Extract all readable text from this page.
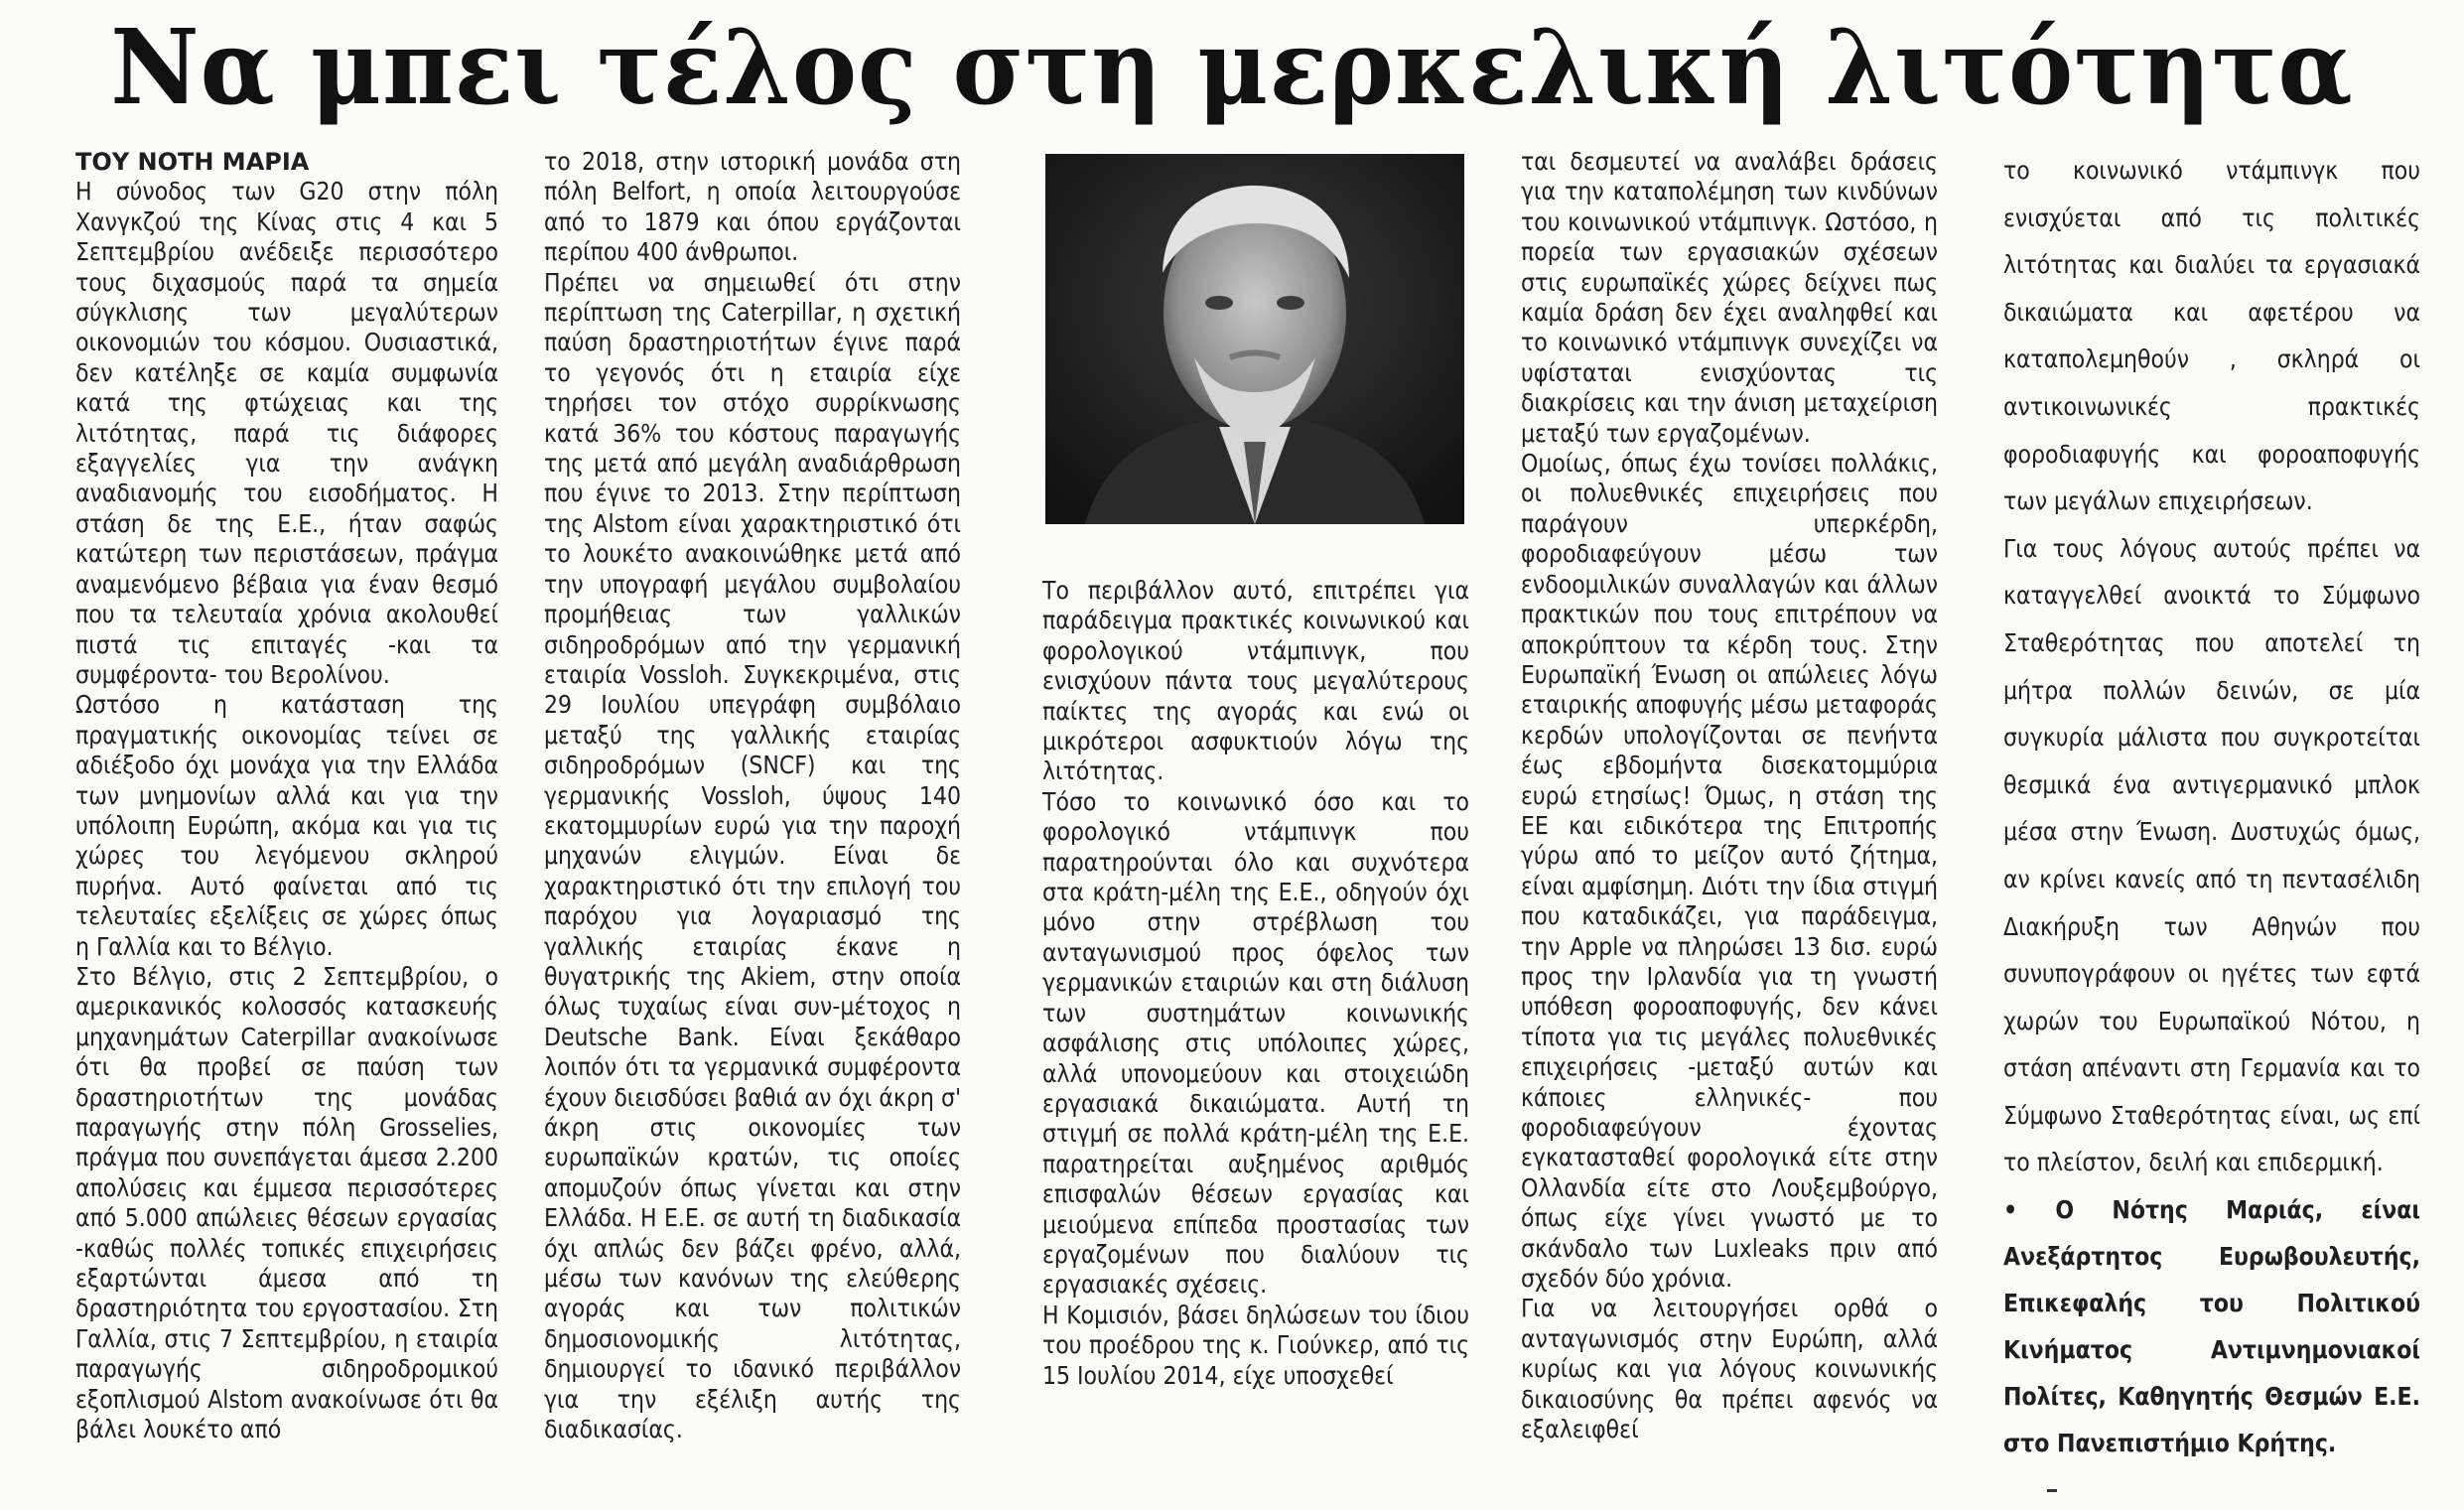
Να μπει τέλος στη μερκελική λιτότητα

ΤΟΥ ΝΟΤΗ ΜΑΡΙΑ

Η σύνοδος των G20 στην πόλη Χανγκζού της Κίνας στις 4 και 5 Σεπτεμβρίου ανέδειξε περισσότερο τους διχασμούς παρά τα σημεία σύγκλισης των μεγαλύτερων οικονομιών του κόσμου. Ουσιαστικά, δεν κατέληξε σε καμία συμφωνία κατά της φτώχειας και της λιτότητας, παρά τις διάφορες εξαγγελίες για την ανάγκη αναδιανομής του εισοδήματος. Η στάση δε της Ε.Ε., ήταν σαφώς κατώτερη των περιστάσεων, πράγμα αναμενόμενο βέβαια για έναν θεσμό που τα τελευταία χρόνια ακολουθεί πιστά τις επιταγές -και τα συμφέροντα- του Βερολίνου.

Ωστόσο η κατάσταση της πραγματικής οικονομίας τείνει σε αδιέξοδο όχι μονάχα για την Ελλάδα των μνημονίων αλλά και για την υπόλοιπη Ευρώπη, ακόμα και για τις χώρες του λεγόμενου σκληρού πυρήνα. Αυτό φαίνεται από τις τελευταίες εξελίξεις σε χώρες όπως η Γαλλία και το Βέλγιο.

Στο Βέλγιο, στις 2 Σεπτεμβρίου, ο αμερικανικός κολοσσός κατασκευής μηχανημάτων Caterpillar ανακοίνωσε ότι θα προβεί σε παύση των δραστηριοτήτων της μονάδας παραγωγής στην πόλη Grosselies, πράγμα που συνεπάγεται άμεσα 2.200 απολύσεις και έμμεσα περισσότερες από 5.000 απώλειες θέσεων εργασίας -καθώς πολλές τοπικές επιχειρήσεις εξαρτώνται άμεσα από τη δραστηριότητα του εργοστασίου. Στη Γαλλία, στις 7 Σεπτεμβρίου, η εταιρία παραγωγής σιδηροδρομικού εξοπλισμού Alstom ανακοίνωσε ότι θα βάλει λουκέτο από

το 2018, στην ιστορική μονάδα στη πόλη Belfort, η οποία λειτουργούσε από το 1879 και όπου εργάζονται περίπου 400 άνθρωποι.

Πρέπει να σημειωθεί ότι στην περίπτωση της Caterpillar, η σχετική παύση δραστηριοτήτων έγινε παρά το γεγονός ότι η εταιρία είχε τηρήσει τον στόχο συρρίκνωσης κατά 36% του κόστους παραγωγής της μετά από μεγάλη αναδιάρθρωση που έγινε το 2013. Στην περίπτωση της Alstom είναι χαρακτηριστικό ότι το λουκέτο ανακοινώθηκε μετά από την υπογραφή μεγάλου συμβολαίου προμήθειας των γαλλικών σιδηροδρόμων από την γερμανική εταιρία Vossloh. Συγκεκριμένα, στις 29 Ιουλίου υπεγράφη συμβόλαιο μεταξύ της γαλλικής εταιρίας σιδηροδρόμων (SNCF) και της γερμανικής Vossloh, ύψους 140 εκατομμυρίων ευρώ για την παροχή μηχανών ελιγμών. Είναι δε χαρακτηριστικό ότι την επιλογή του παρόχου για λογαριασμό της γαλλικής εταιρίας έκανε η θυγατρικής της Akiem, στην οποία όλως τυχαίως είναι συν-μέτοχος η Deutsche Bank. Είναι ξεκάθαρο λοιπόν ότι τα γερμανικά συμφέροντα έχουν διεισδύσει βαθιά αν όχι άκρη σ' άκρη στις οικονομίες των ευρωπαϊκών κρατών, τις οποίες απομυζούν όπως γίνεται και στην Ελλάδα. Η Ε.Ε. σε αυτή τη διαδικασία όχι απλώς δεν βάζει φρένο, αλλά, μέσω των κανόνων της ελεύθερης αγοράς και των πολιτικών δημοσιονομικής λιτότητας, δημιουργεί το ιδανικό περιβάλλον για την εξέλιξη αυτής της διαδικασίας.

Το περιβάλλον αυτό, επιτρέπει για παράδειγμα πρακτικές κοινωνικού και φορολογικού ντάμπινγκ, που ενισχύουν πάντα τους μεγαλύτερους παίκτες της αγοράς και ενώ οι μικρότεροι ασφυκτιούν λόγω της λιτότητας.

Τόσο το κοινωνικό όσο και το φορολογικό ντάμπινγκ που παρατηρούνται όλο και συχνότερα στα κράτη-μέλη της Ε.Ε., οδηγούν όχι μόνο στην στρέβλωση του ανταγωνισμού προς όφελος των γερμανικών εταιριών και στη διάλυση των συστημάτων κοινωνικής ασφάλισης στις υπόλοιπες χώρες, αλλά υπονομεύουν και στοιχειώδη εργασιακά δικαιώματα. Αυτή τη στιγμή σε πολλά κράτη-μέλη της Ε.Ε. παρατηρείται αυξημένος αριθμός επισφαλών θέσεων εργασίας και μειούμενα επίπεδα προστασίας των εργαζομένων που διαλύουν τις εργασιακές σχέσεις.

Η Κομισιόν, βάσει δηλώσεων του ίδιου του προέδρου της κ. Γιούνκερ, από τις 15 Ιουλίου 2014, είχε υποσχεθεί

ται δεσμευτεί να αναλάβει δράσεις για την καταπολέμηση των κινδύνων του κοινωνικού ντάμπινγκ. Ωστόσο, η πορεία των εργασιακών σχέσεων στις ευρωπαϊκές χώρες δείχνει πως καμία δράση δεν έχει αναληφθεί και το κοινωνικό ντάμπινγκ συνεχίζει να υφίσταται ενισχύοντας τις διακρίσεις και την άνιση μεταχείριση μεταξύ των εργαζομένων.

Ομοίως, όπως έχω τονίσει πολλάκις, οι πολυεθνικές επιχειρήσεις που παράγουν υπερκέρδη, φοροδιαφεύγουν μέσω των ενδοομιλικών συναλλαγών και άλλων πρακτικών που τους επιτρέπουν να αποκρύπτουν τα κέρδη τους. Στην Ευρωπαϊκή Ένωση οι απώλειες λόγω εταιρικής αποφυγής μέσω μεταφοράς κερδών υπολογίζονται σε πενήντα έως εβδομήντα δισεκατομμύρια ευρώ ετησίως! Όμως, η στάση της ΕΕ και ειδικότερα της Επιτροπής γύρω από το μείζον αυτό ζήτημα, είναι αμφίσημη. Διότι την ίδια στιγμή που καταδικάζει, για παράδειγμα, την Apple να πληρώσει 13 δισ. ευρώ προς την Ιρλανδία για τη γνωστή υπόθεση φοροαποφυγής, δεν κάνει τίποτα για τις μεγάλες πολυεθνικές επιχειρήσεις -μεταξύ αυτών και κάποιες ελληνικές- που φοροδιαφεύγουν έχοντας εγκατασταθεί φορολογικά είτε στην Ολλανδία είτε στο Λουξεμβούργο, όπως είχε γίνει γνωστό με το σκάνδαλο των Luxleaks πριν από σχεδόν δύο χρόνια.

Για να λειτουργήσει ορθά ο ανταγωνισμός στην Ευρώπη, αλλά κυρίως και για λόγους κοινωνικής δικαιοσύνης θα πρέπει αφενός να εξαλειφθεί

το κοινωνικό ντάμπινγκ που ενισχύεται από τις πολιτικές λιτότητας και διαλύει τα εργασιακά δικαιώματα και αφετέρου να καταπολεμηθούν , σκληρά οι αντικοινωνικές πρακτικές φοροδιαφυγής και φοροαποφυγής των μεγάλων επιχειρήσεων.

Για τους λόγους αυτούς πρέπει να καταγγελθεί ανοικτά το Σύμφωνο Σταθερότητας που αποτελεί τη μήτρα πολλών δεινών, σε μία συγκυρία μάλιστα που συγκροτείται θεσμικά ένα αντιγερμανικό μπλοκ μέσα στην Ένωση. Δυστυχώς όμως, αν κρίνει κανείς από τη πεντασέλιδη Διακήρυξη των Αθηνών που συνυπογράφουν οι ηγέτες των εφτά χωρών του Ευρωπαϊκού Νότου, η στάση απέναντι στη Γερμανία και το Σύμφωνο Σταθερότητας είναι, ως επί το πλείστον, δειλή και επιδερμική.

• Ο Νότης Μαριάς, είναι Ανεξάρτητος Ευρωβουλευτής, Επικεφαλής του Πολιτικού Κινήματος Αντιμνημονιακοί Πολίτες, Καθηγητής Θεσμών Ε.Ε. στο Πανεπιστήμιο Κρήτης.
